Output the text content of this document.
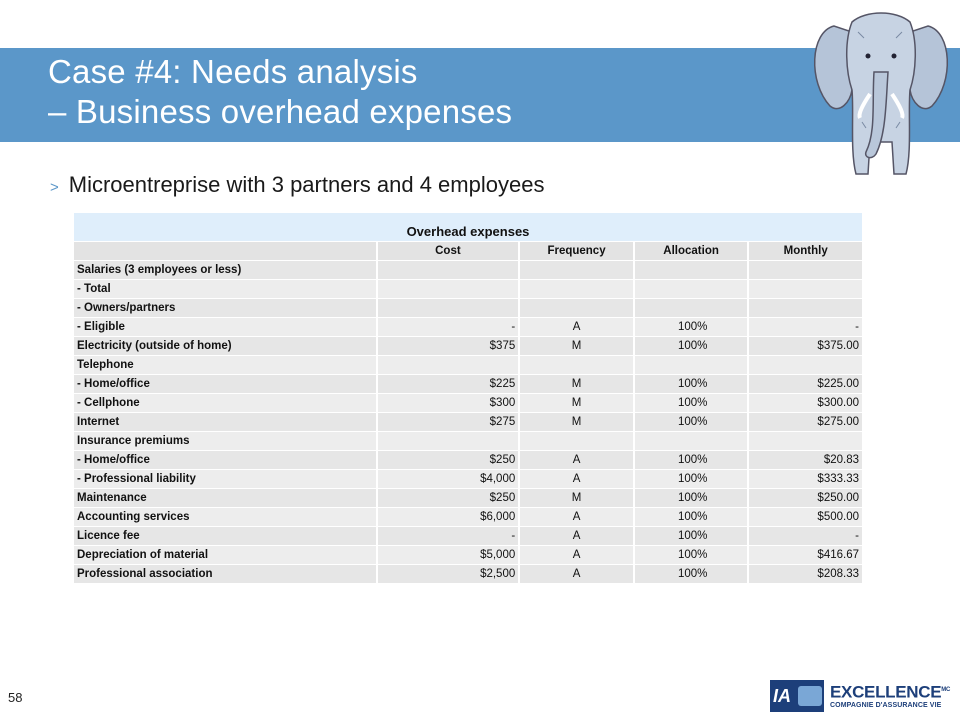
Case #4: Needs analysis
– Business overhead expenses
> Microentreprise with 3 partners and 4 employees
Overhead expenses				
	Cost	Frequency	Allocation	Monthly
Salaries (3 employees or less)				
- Total				
- Owners/partners				
- Eligible	-	A	100%	-
Electricity (outside of home)	$375	M	100%	$375.00
Telephone				
- Home/office	$225	M	100%	$225.00
- Cellphone	$300	M	100%	$300.00
Internet	$275	M	100%	$275.00
Insurance premiums				
- Home/office	$250	A	100%	$20.83
- Professional liability	$4,000	A	100%	$333.33
Maintenance	$250	M	100%	$250.00
Accounting services	$6,000	A	100%	$500.00
Licence fee	-	A	100%	-
Depreciation of material	$5,000	A	100%	$416.67
Professional association	$2,500	A	100%	$208.33
58	IA $EXCELLENCE^{MC}$
COMPAGNIE D'ASSURANCE VIE
